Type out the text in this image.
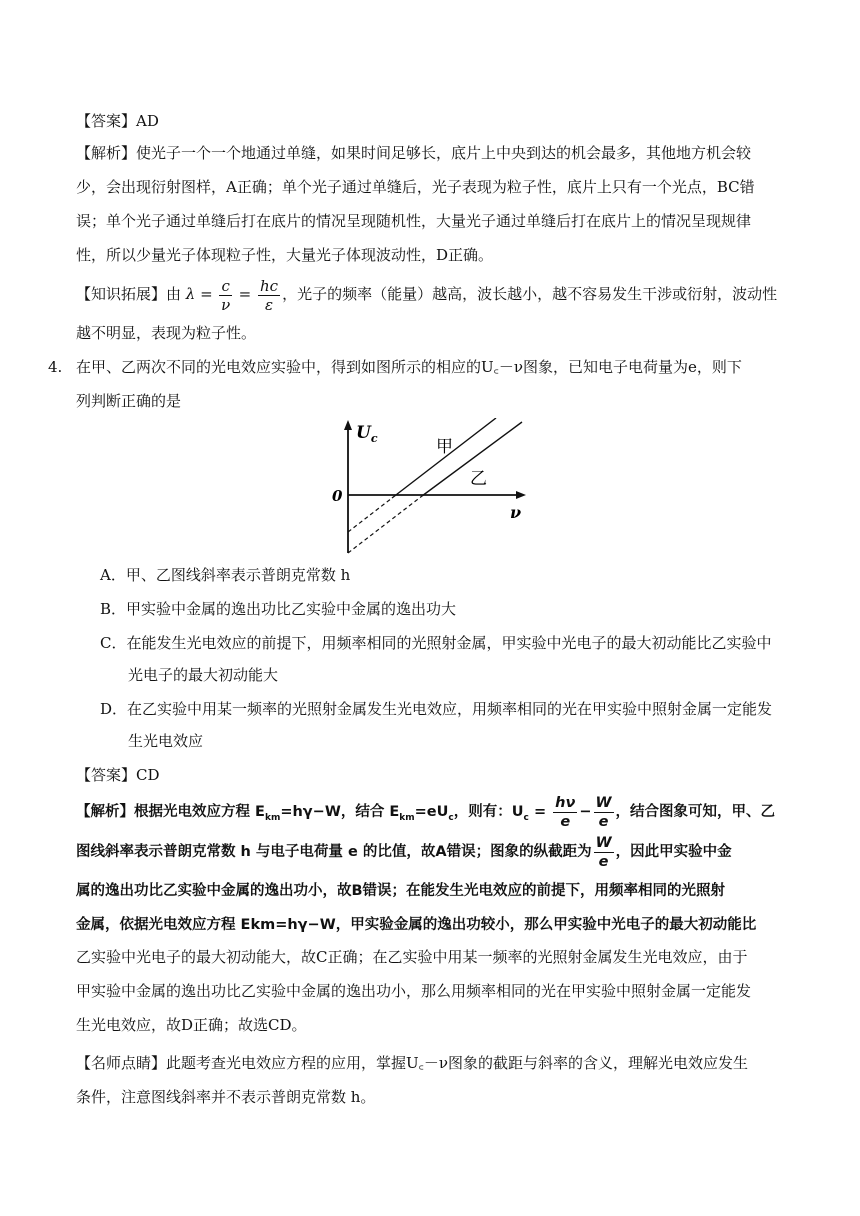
【答案】AD
【解析】使光子一个一个地通过单缝，如果时间足够长，底片上中央到达的机会最多，其他地方机会较
少，会出现衍射图样，A正确；单个光子通过单缝后，光子表现为粒子性，底片上只有一个光点，BC错
误；单个光子通过单缝后打在底片的情况呈现随机性，大量光子通过单缝后打在底片上的情况呈现规律
性，所以少量光子体现粒子性，大量光子体现波动性，D正确。
【知识拓展】由 $\lambda = \frac{c}{\nu} = \frac{hc}{\varepsilon}$ ，光子的频率（能量）越高，波长越小，越不容易发生干涉或衍射，波动性
越不明显，表现为粒子性。
4. 在甲、乙两次不同的光电效应实验中，得到如图所示的相应的U꜀－ν图象，已知电子电荷量为e，则下
列判断正确的是
$U_c$
ν
0
甲
乙
A．甲、乙图线斜率表示普朗克常数 h
B．甲实验中金属的逸出功比乙实验中金属的逸出功大
C．在能发生光电效应的前提下，用频率相同的光照射金属，甲实验中光电子的最大初动能比乙实验中
光电子的最大初动能大
D．在乙实验中用某一频率的光照射金属发生光电效应，用频率相同的光在甲实验中照射金属一定能发
生光电效应
【答案】CD
【解析】根据光电效应方程 $E_{km}=h\gamma-W$，结合 $E_{km}=eU_c$，则有：$U_c = \frac{h\nu}{e} - \frac{W}{e}$ ，结合图象可知，甲、乙
图线斜率表示普朗克常数 h 与电子电荷量 e 的比值，故A错误；图象的纵截距为 $\frac{W}{e}$ ，因此甲实验中金
属的逸出功比乙实验中金属的逸出功小，故B错误；在能发生光电效应的前提下，用频率相同的光照射
金属，依据光电效应方程 Ekm=hγ−W，甲实验金属的逸出功较小，那么甲实验中光电子的最大初动能比
乙实验中光电子的最大初动能大，故C正确；在乙实验中用某一频率的光照射金属发生光电效应，由于
甲实验中金属的逸出功比乙实验中金属的逸出功小，那么用频率相同的光在甲实验中照射金属一定能发
生光电效应，故D正确；故选CD。
【名师点睛】此题考查光电效应方程的应用，掌握U꜀－ν图象的截距与斜率的含义，理解光电效应发生
条件，注意图线斜率并不表示普朗克常数 h。
